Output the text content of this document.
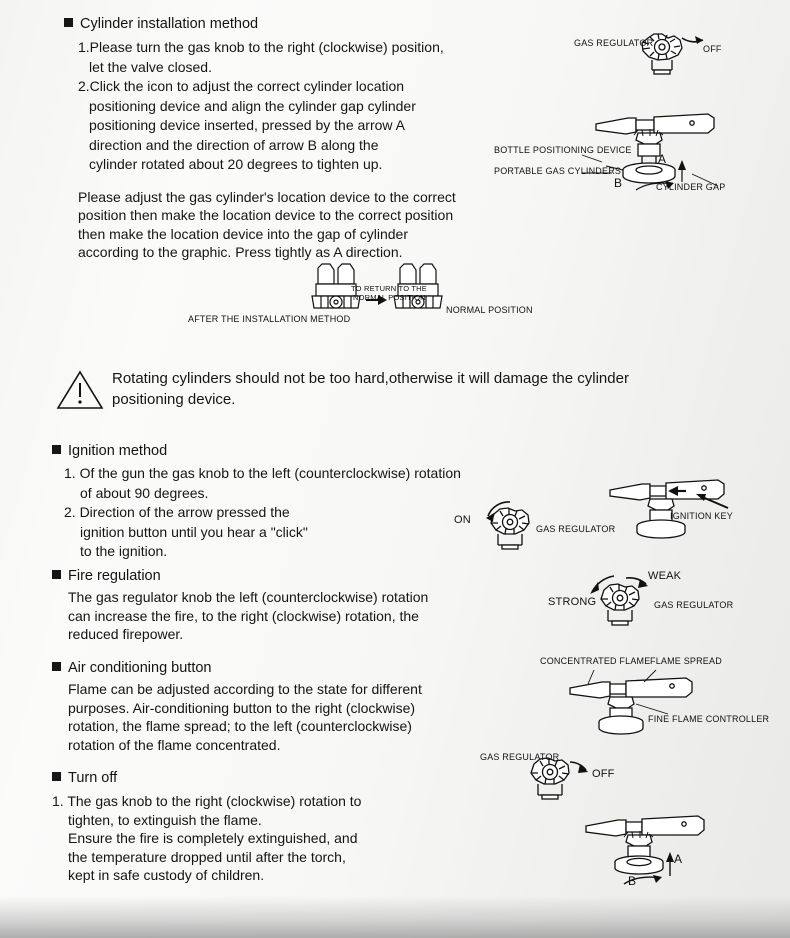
Cylinder installation method
1.Please turn the gas knob to the right (clockwise) position,
let the valve closed.
2.Click the icon to adjust the correct cylinder location
positioning device and align the cylinder gap cylinder
positioning device inserted, pressed by the arrow A
direction and the direction of arrow B along the
cylinder rotated about 20 degrees to tighten up.
Please adjust the gas cylinder's location device to the correct position then make the location device to the correct position then make the location device into the gap of cylinder according to the graphic. Press tightly as A direction.
GAS REGULATOR
OFF
BOTTLE POSITIONING DEVICE
PORTABLE GAS CYLINDERS
A
B	CYLINDER GAP
AFTER THE INSTALLATION METHOD
TO RETURN TO THE
NORMAL POSITION
NORMAL POSITION
Rotating cylinders should not be too hard,otherwise it will damage the cylinder positioning device.
Ignition method
1. Of the gun the gas knob to the left (counterclockwise) rotation
of about 90 degrees.
2. Direction of the arrow pressed the
ignition button until you hear a "click"
to the ignition.
ON
GAS REGULATOR
IGNITION KEY
Fire regulation
The gas regulator knob the left (counterclockwise) rotation
can increase the fire, to the right (clockwise) rotation, the
reduced firepower.
WEAK
STRONG	GAS REGULATOR
Air conditioning button
Flame can be adjusted according to the state for different
purposes. Air-conditioning button to the right (clockwise)
rotation, the flame spread; to the left (counterclockwise)
rotation of the flame concentrated.
CONCENTRATED FLAME FLAME SPREAD
FINE FLAME CONTROLLER
Turn off
1. The gas knob to the right (clockwise) rotation to
tighten, to extinguish the flame.
Ensure the fire is completely extinguished, and
the temperature dropped until after the torch,
kept in safe custody of children.
GAS REGULATOR
OFF
A
B
